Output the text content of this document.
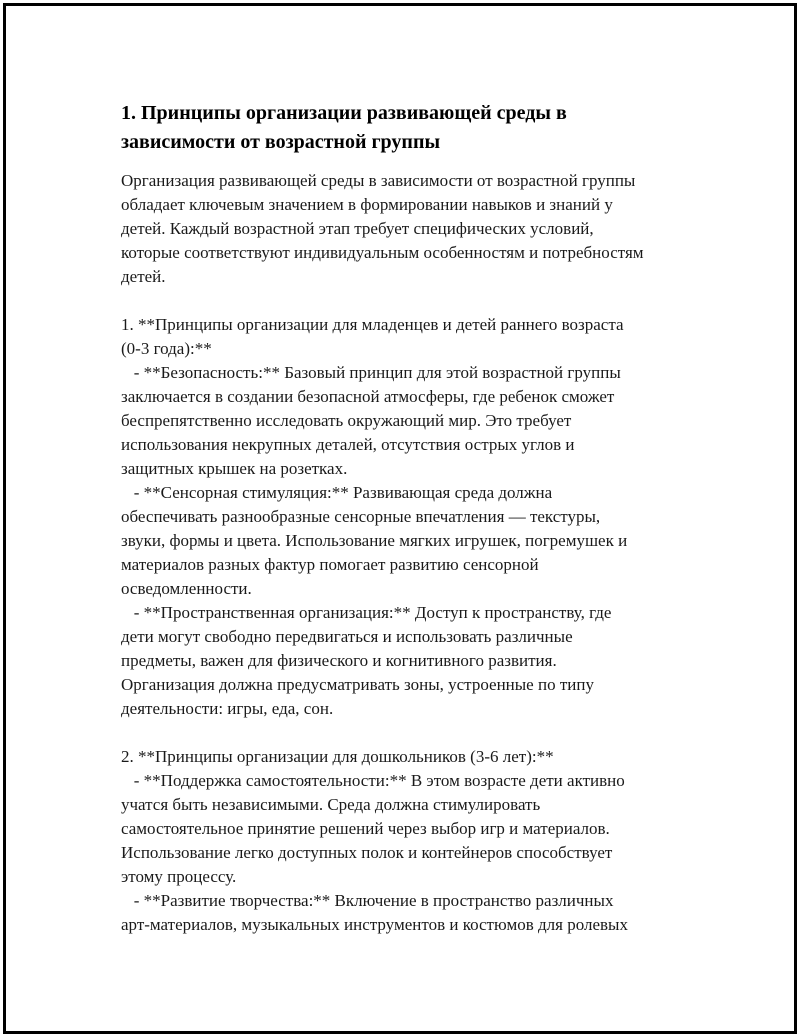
1. Принципы организации развивающей среды в
зависимости от возрастной группы
Организация развивающей среды в зависимости от возрастной группы
обладает ключевым значением в формировании навыков и знаний у
детей. Каждый возрастной этап требует специфических условий,
которые соответствуют индивидуальным особенностям и потребностям
детей.
1. **Принципы организации для младенцев и детей раннего возраста
(0-3 года):**
- **Безопасность:** Базовый принцип для этой возрастной группы
заключается в создании безопасной атмосферы, где ребенок сможет
беспрепятственно исследовать окружающий мир. Это требует
использования некрупных деталей, отсутствия острых углов и
защитных крышек на розетках.
- **Сенсорная стимуляция:** Развивающая среда должна
обеспечивать разнообразные сенсорные впечатления — текстуры,
звуки, формы и цвета. Использование мягких игрушек, погремушек и
материалов разных фактур помогает развитию сенсорной
осведомленности.
- **Пространственная организация:** Доступ к пространству, где
дети могут свободно передвигаться и использовать различные
предметы, важен для физического и когнитивного развития.
Организация должна предусматривать зоны, устроенные по типу
деятельности: игры, еда, сон.
2. **Принципы организации для дошкольников (3-6 лет):**
- **Поддержка самостоятельности:** В этом возрасте дети активно
учатся быть независимыми. Среда должна стимулировать
самостоятельное принятие решений через выбор игр и материалов.
Использование легко доступных полок и контейнеров способствует
этому процессу.
- **Развитие творчества:** Включение в пространство различных
арт-материалов, музыкальных инструментов и костюмов для ролевых
